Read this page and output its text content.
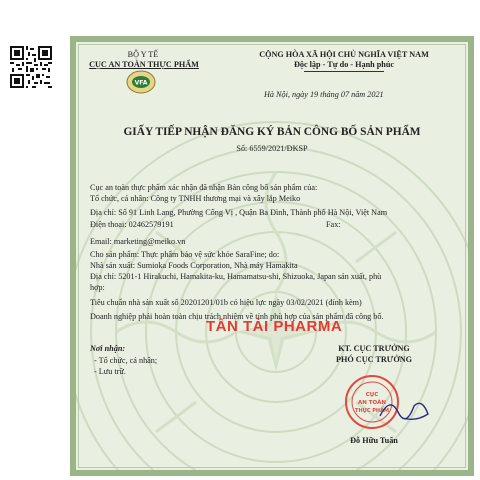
BỘ Y TẾ
CỤC AN TOÀN THỰC PHẨM
VFA
CỘNG HÒA XÃ HỘI CHỦ NGHĨA VIỆT NAM
Độc lập - Tự do - Hạnh phúc
Hà Nội, ngày 19 tháng 07 năm 2021
GIẤY TIẾP NHẬN ĐĂNG KÝ BẢN CÔNG BỐ SẢN PHẨM
Số: 6559/2021/ĐKSP
Cục an toàn thực phẩm xác nhận đã nhận Bản công bố sản phẩm của:
Tổ chức, cá nhân: Công ty TNHH thương mại và xây lắp Meiko
Địa chỉ: Số 91 Linh Lang, Phường Cống Vị , Quận Ba Đình, Thành phố Hà Nội, Việt Nam
Điện thoại: 02462579191	Fax:
Email: marketing@meiko.vn
Cho sản phẩm: Thực phẩm bảo vệ sức khỏe SaraFine; do:
Nhà sản xuất: Sumioka Foods Corporation, Nhà máy Hamakita
Địa chỉ: 5201-1 Hirakuchi, Hamakita-ku, Hamamatsu-shi, Shizuoka, Japan sản xuất, phù
hợp:
Tiêu chuẩn nhà sản xuất số 20201201/01b có hiệu lực ngày 03/02/2021 (đính kèm)
Doanh nghiệp phải hoàn toàn chịu trách nhiệm về tính phù hợp của sản phẩm đã công bố.
TẤN TÀI PHARMA
Nơi nhận:
- Tổ chức, cá nhân;
- Lưu trữ.
KT. CỤC TRƯỞNG
PHÓ CỤC TRƯỞNG
CỤC
AN TOÀN
THỰC PHẨM
Đỗ Hữu Tuấn
